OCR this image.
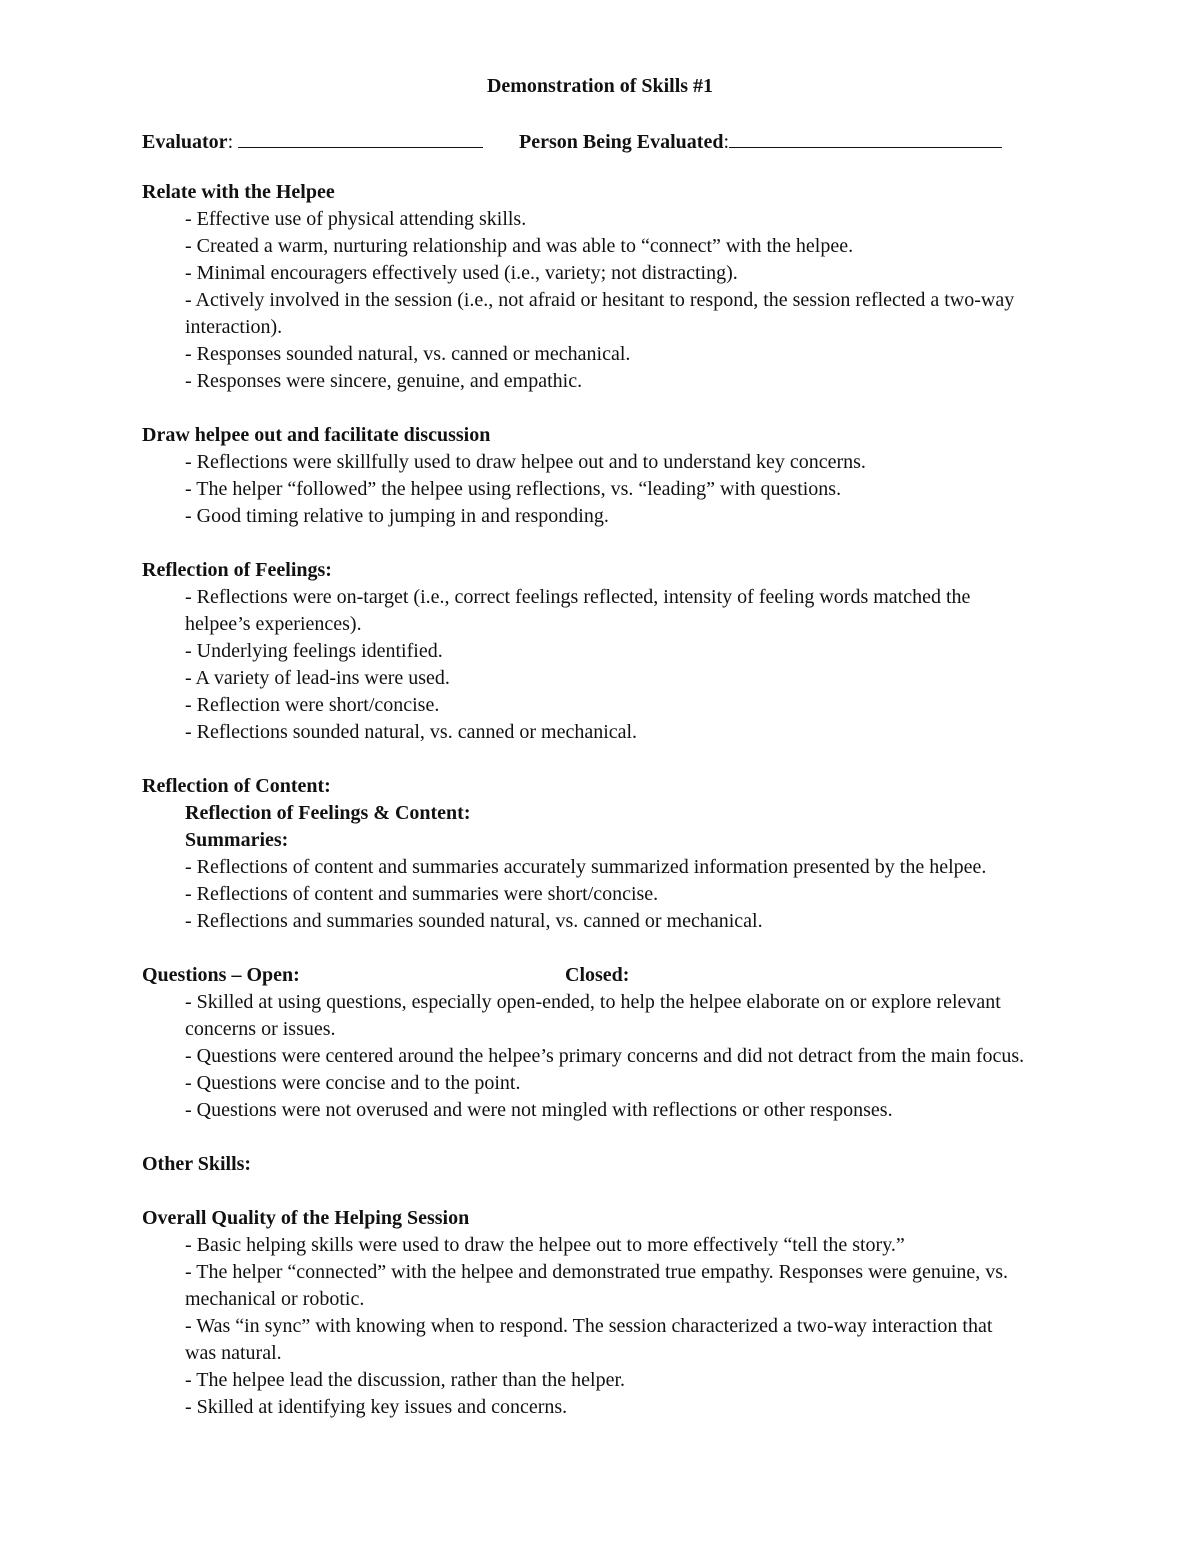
Demonstration of Skills #1
Evaluator:	Person Being Evaluated:

Relate with the Helpee

- Effective use of physical attending skills.

- Created a warm, nurturing relationship and was able to “connect” with the helpee.

- Minimal encouragers effectively used (i.e., variety; not distracting).

- Actively involved in the session (i.e., not afraid or hesitant to respond, the session reflected a two-way interaction).

- Responses sounded natural, vs. canned or mechanical.

- Responses were sincere, genuine, and empathic.

Draw helpee out and facilitate discussion

- Reflections were skillfully used to draw helpee out and to understand key concerns.

- The helper “followed” the helpee using reflections, vs. “leading” with questions.

- Good timing relative to jumping in and responding.

Reflection of Feelings:

- Reflections were on-target (i.e., correct feelings reflected, intensity of feeling words matched the helpee’s experiences).

- Underlying feelings identified.

- A variety of lead-ins were used.

- Reflection were short/concise.

- Reflections sounded natural, vs. canned or mechanical.

Reflection of Content:

Reflection of Feelings & Content:

Summaries:

- Reflections of content and summaries accurately summarized information presented by the helpee.

- Reflections of content and summaries were short/concise.

- Reflections and summaries sounded natural, vs. canned or mechanical.

Questions – Open:	Closed:

- Skilled at using questions, especially open-ended, to help the helpee elaborate on or explore relevant concerns or issues.

- Questions were centered around the helpee’s primary concerns and did not detract from the main focus.

- Questions were concise and to the point.

- Questions were not overused and were not mingled with reflections or other responses.

Other Skills:

Overall Quality of the Helping Session

- Basic helping skills were used to draw the helpee out to more effectively “tell the story.”

- The helper “connected” with the helpee and demonstrated true empathy. Responses were genuine, vs. mechanical or robotic.

- Was “in sync” with knowing when to respond. The session characterized a two-way interaction that was natural.

- The helpee lead the discussion, rather than the helper.

- Skilled at identifying key issues and concerns.
